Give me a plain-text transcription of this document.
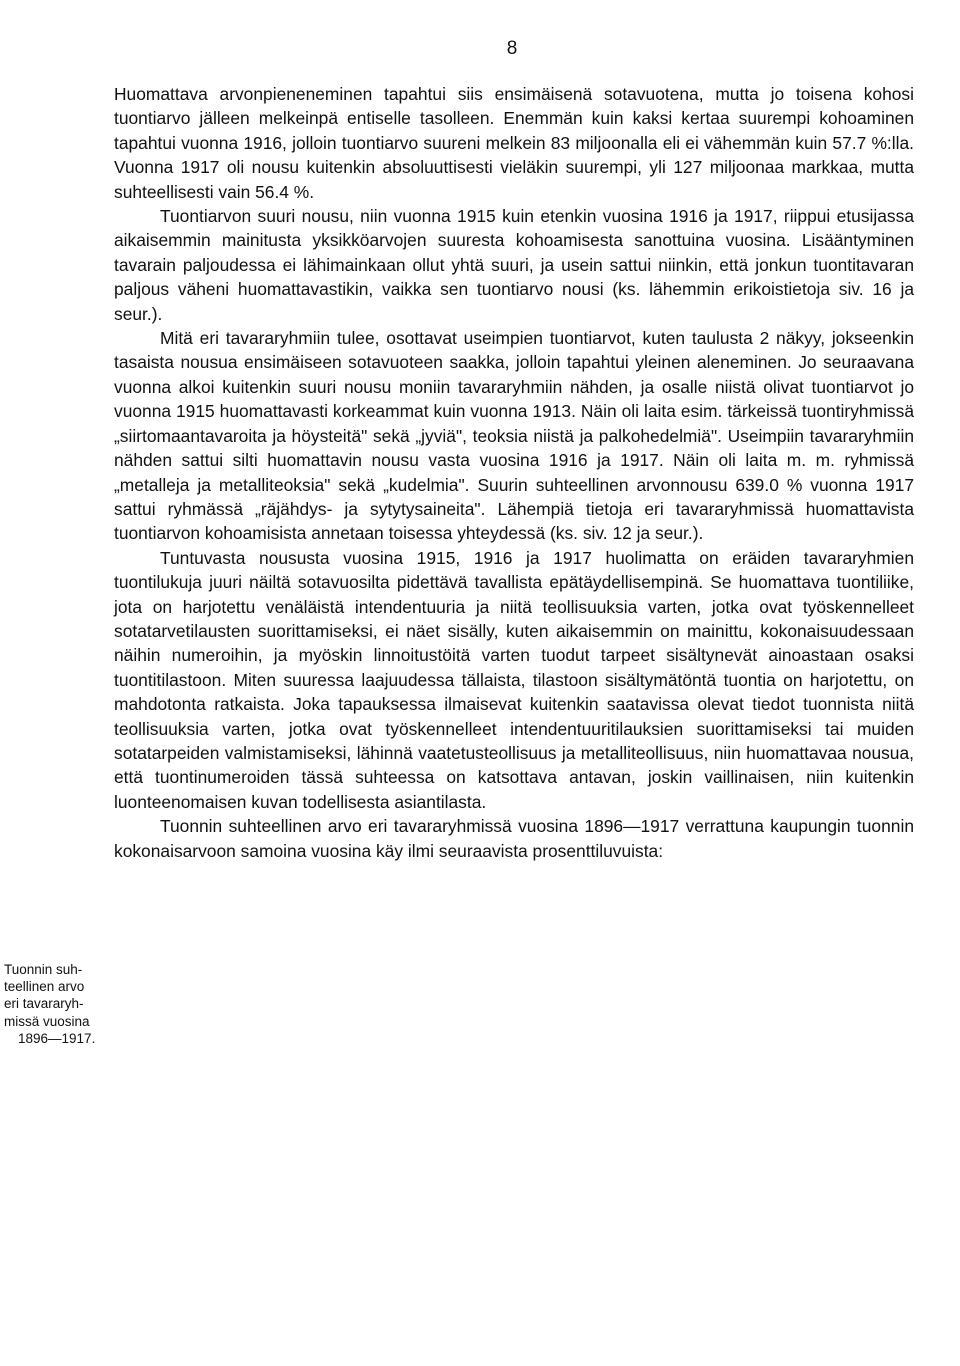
8

Huomattava arvonpieneneminen tapahtui siis ensimäisenä sotavuotena, mutta jo toisena kohosi tuontiarvo jälleen melkeinpä entiselle tasolleen. Enemmän kuin kaksi kertaa suurempi kohoaminen tapahtui vuonna 1916, jolloin tuontiarvo suureni melkein 83 miljoonalla eli ei vähemmän kuin 57.7 %:lla. Vuonna 1917 oli nousu kuitenkin absoluuttisesti vieläkin suurempi, yli 127 miljoonaa markkaa, mutta suhteellisesti vain 56.4 %.

Tuontiarvon suuri nousu, niin vuonna 1915 kuin etenkin vuosina 1916 ja 1917, riippui etusijassa aikaisemmin mainitusta yksikköarvojen suuresta kohoamisesta sanottuina vuosina. Lisääntyminen tavarain paljoudessa ei lähimainkaan ollut yhtä suuri, ja usein sattui niinkin, että jonkun tuontitavaran paljous väheni huomattavastikin, vaikka sen tuontiarvo nousi (ks. lähemmin erikoistietoja siv. 16 ja seur.).

Mitä eri tavararyhmiin tulee, osottavat useimpien tuontiarvot, kuten taulusta 2 näkyy, jokseenkin tasaista nousua ensimäiseen sotavuoteen saakka, jolloin tapahtui yleinen aleneminen. Jo seuraavana vuonna alkoi kuitenkin suuri nousu moniin tavararyhmiin nähden, ja osalle niistä olivat tuontiarvot jo vuonna 1915 huomattavasti korkeammat kuin vuonna 1913. Näin oli laita esim. tärkeissä tuontiryhmissä „siirtomaantavaroita ja höysteitä" sekä „jyviä", teoksia niistä ja palkohedelmiä". Useimpiin tavararyhmiin nähden sattui silti huomattavin nousu vasta vuosina 1916 ja 1917. Näin oli laita m. m. ryhmissä „metalleja ja metalliteoksia" sekä „kudelmia". Suurin suhteellinen arvonnousu 639.0 % vuonna 1917 sattui ryhmässä „räjähdys- ja sytytysaineita". Lähempiä tietoja eri tavararyhmissä huomattavista tuontiarvon kohoamisista annetaan toisessa yhteydessä (ks. siv. 12 ja seur.).

Tuntuvasta noususta vuosina 1915, 1916 ja 1917 huolimatta on eräiden tavararyhmien tuontilukuja juuri näiltä sotavuosilta pidettävä tavallista epätäydellisempinä. Se huomattava tuontiliike, jota on harjotettu venäläistä intendentuuria ja niitä teollisuuksia varten, jotka ovat työskennelleet sotatarvetilausten suorittamiseksi, ei näet sisälly, kuten aikaisemmin on mainittu, kokonaisuudessaan näihin numeroihin, ja myöskin linnoitustöitä varten tuodut tarpeet sisältynevät ainoastaan osaksi tuontitilastoon. Miten suuressa laajuudessa tällaista, tilastoon sisältymätöntä tuontia on harjotettu, on mahdotonta ratkaista. Joka tapauksessa ilmaisevat kuitenkin saatavissa olevat tiedot tuonnista niitä teollisuuksia varten, jotka ovat työskennelleet intendentuuritilauksien suorittamiseksi tai muiden sotatarpeiden valmistamiseksi, lähinnä vaatetusteollisuus ja metalliteollisuus, niin huomattavaa nousua, että tuontinumeroiden tässä suhteessa on katsottava antavan, joskin vaillinaisen, niin kuitenkin luonteenomaisen kuvan todellisesta asiantilasta.

Tuonnin suhteellinen arvo eri tavararyhmissä vuosina 1896—1917 verrattuna kaupungin tuonnin kokonaisarvoon samoina vuosina käy ilmi seuraavista prosenttiluvuista:

Tuonnin suh-
teellinen arvo
eri tavararyh-
missä vuosina
1896—1917.
